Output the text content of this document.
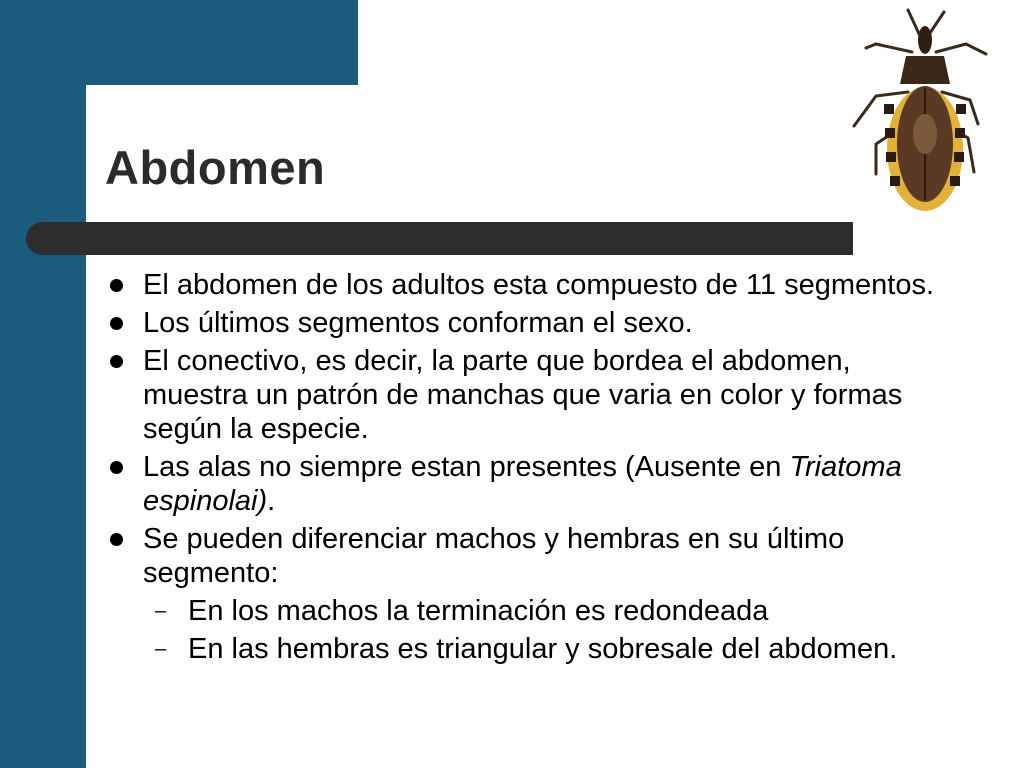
Abdomen
El abdomen de los adultos esta compuesto de 11 segmentos.
Los últimos segmentos conforman el sexo.
El conectivo, es decir, la parte que bordea el abdomen, muestra un patrón de manchas que varia en color y formas según la especie.
Las alas no siempre estan presentes (Ausente en Triatoma espinolai).
Se pueden diferenciar machos y hembras en su último segmento:
– En los machos la terminación es redondeada
– En las hembras es triangular y sobresale del abdomen.
